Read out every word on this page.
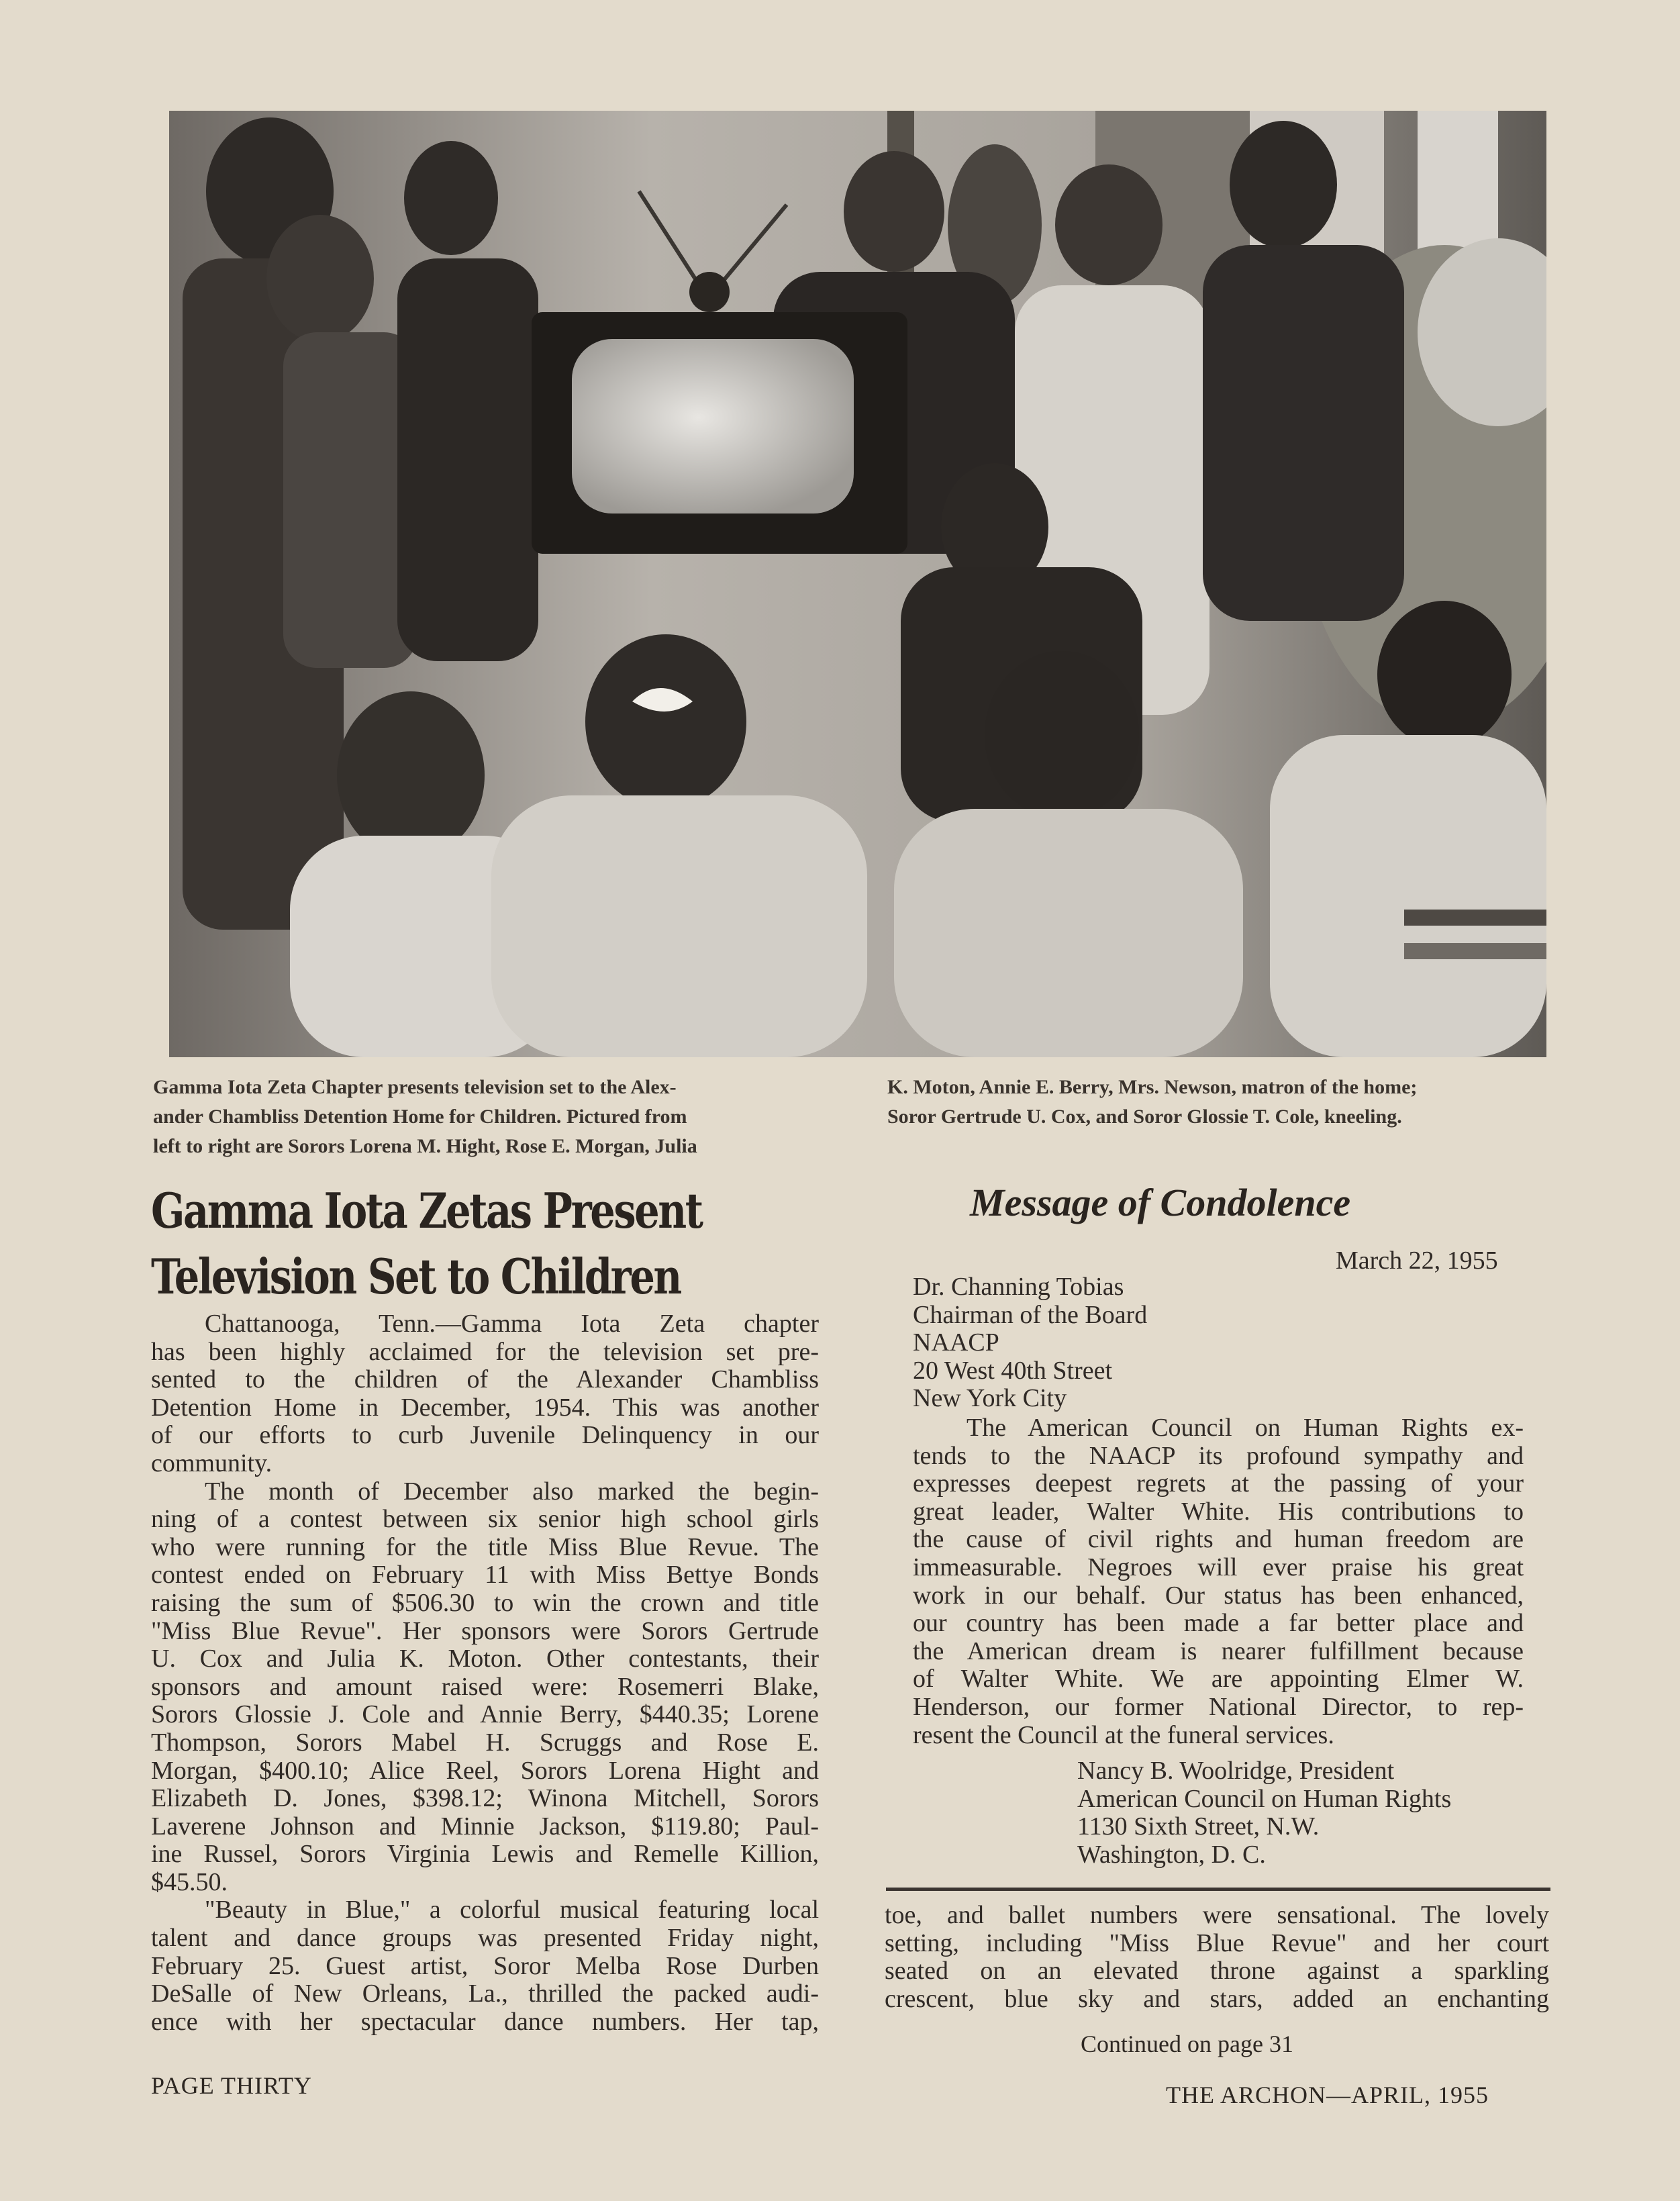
Gamma Iota Zeta Chapter presents television set to the Alex-
ander Chambliss Detention Home for Children. Pictured from
left to right are Sorors Lorena M. Hight, Rose E. Morgan, Julia
K. Moton, Annie E. Berry, Mrs. Newson, matron of the home;
Soror Gertrude U. Cox, and Soror Glossie T. Cole, kneeling.
Gamma Iota Zetas Present
Television Set to Children
Chattanooga, Tenn.—Gamma Iota Zeta chapter
has been highly acclaimed for the television set pre-
sented to the children of the Alexander Chambliss
Detention Home in December, 1954. This was another
of our efforts to curb Juvenile Delinquency in our
community.
The month of December also marked the begin-
ning of a contest between six senior high school girls
who were running for the title Miss Blue Revue. The
contest ended on February 11 with Miss Bettye Bonds
raising the sum of $506.30 to win the crown and title
"Miss Blue Revue". Her sponsors were Sorors Gertrude
U. Cox and Julia K. Moton. Other contestants, their
sponsors and amount raised were: Rosemerri Blake,
Sorors Glossie J. Cole and Annie Berry, $440.35; Lorene
Thompson, Sorors Mabel H. Scruggs and Rose E.
Morgan, $400.10; Alice Reel, Sorors Lorena Hight and
Elizabeth D. Jones, $398.12; Winona Mitchell, Sorors
Laverene Johnson and Minnie Jackson, $119.80; Paul-
ine Russel, Sorors Virginia Lewis and Remelle Killion,
$45.50.
"Beauty in Blue," a colorful musical featuring local
talent and dance groups was presented Friday night,
February 25. Guest artist, Soror Melba Rose Durben
DeSalle of New Orleans, La., thrilled the packed audi-
ence with her spectacular dance numbers. Her tap,
Message of Condolence
March 22, 1955
Dr. Channing Tobias
Chairman of the Board
NAACP
20 West 40th Street
New York City
The American Council on Human Rights ex-
tends to the NAACP its profound sympathy and
expresses deepest regrets at the passing of your
great leader, Walter White. His contributions to
the cause of civil rights and human freedom are
immeasurable. Negroes will ever praise his great
work in our behalf. Our status has been enhanced,
our country has been made a far better place and
the American dream is nearer fulfillment because
of Walter White. We are appointing Elmer W.
Henderson, our former National Director, to rep-
resent the Council at the funeral services.
Nancy B. Woolridge, President
American Council on Human Rights
1130 Sixth Street, N.W.
Washington, D. C.
toe, and ballet numbers were sensational. The lovely
setting, including "Miss Blue Revue" and her court
seated on an elevated throne against a sparkling
crescent, blue sky and stars, added an enchanting
Continued on page 31
PAGE THIRTY	THE ARCHON—APRIL, 1955
